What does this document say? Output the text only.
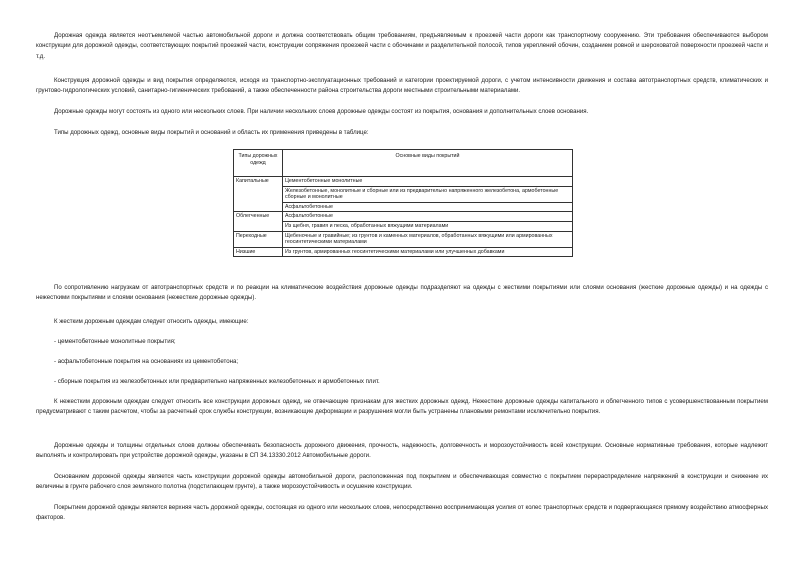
Дорожная одежда является неотъемлемой частью автомобильной дороги и должна соответствовать общим требованиям, предъявляемым к проезжей части дороги как транспортному сооружению. Эти требования обеспечиваются выбором конструкции для дорожной одежды, соответствующих покрытий проезжей части, конструкции сопряжения проезжей части с обочинами и разделительной полосой, типов укреплений обочин, созданием ровной и шероховатой поверхности проезжей части и т.д.

Конструкция дорожной одежды и вид покрытия определяются, исходя из транспортно-эксплуатационных требований и категории проектируемой дороги, с учетом интенсивности движения и состава автотранспортных средств, климатических и грунтово-гидрологических условий, санитарно-гигиенических требований, а также обеспеченности района строительства дороги местными строительными материалами.

Дорожные одежды могут состоять из одного или нескольких слоев. При наличии нескольких слоев дорожные одежды состоят из покрытия, основания и дополнительных слоев основания.

Типы дорожных одежд, основные виды покрытий и оснований и область их применения приведены в таблице:

Типы дорожных одежд	Основные виды покрытий
Капитальные	Цементобетонные монолитные
	Железобетонные, монолитные и сборные или из предварительно напряженного железобетона, армобетонные сборные и монолитные
	Асфальтобетонные
Облегченные	Асфальтобетонные
	Из щебня, гравия и песка, обработанных вяжущими материалами
Переходные	Щебеночные и гравийные; из грунтов и каменных материалов, обработанных вяжущими или армированных геосинтетическими материалами
Низшие	Из грунтов, армированных геосинтетическими материалами или улучшенных добавками

По сопротивлению нагрузкам от автотранспортных средств и по реакции на климатические воздействия дорожные одежды подразделяют на одежды с жесткими покрытиями или слоями основания (жесткие дорожные одежды) и на одежды с нежесткими покрытиями и слоями основания (нежесткие дорожные одежды).

К жестким дорожным одеждам следует относить одежды, имеющие:

- цементобетонные монолитные покрытия;

- асфальтобетонные покрытия на основаниях из цементобетона;

- сборные покрытия из железобетонных или предварительно напряженных железобетонных и армобетонных плит.

К нежестким дорожным одеждам следует относить все конструкции дорожных одежд, не отвечающие признакам для жестких дорожных одежд. Нежесткие дорожные одежды капитального и облегченного типов с усовершенствованным покрытием предусматривают с таким расчетом, чтобы за расчетный срок службы конструкции, возникающие деформации и разрушения могли быть устранены плановыми ремонтами исключительно покрытия.

Дорожные одежды и толщины отдельных слоев должны обеспечивать безопасность дорожного движения, прочность, надежность, долговечность и морозоустойчивость всей конструкции. Основные нормативные требования, которые надлежит выполнять и контролировать при устройстве дорожной одежды, указаны в СП 34.13330.2012 Автомобильные дороги.

Основанием дорожной одежды является часть конструкции дорожной одежды автомобильной дороги, расположенная под покрытием и обеспечивающая совместно с покрытием перераспределение напряжений в конструкции и снижение их величины в грунте рабочего слоя земляного полотна (подстилающем грунте), а также морозоустойчивость и осушение конструкции.

Покрытием дорожной одежды является верхняя часть дорожной одежды, состоящая из одного или нескольких слоев, непосредственно воспринимающая усилия от колес транспортных средств и подвергающаяся прямому воздействию атмосферных факторов.
